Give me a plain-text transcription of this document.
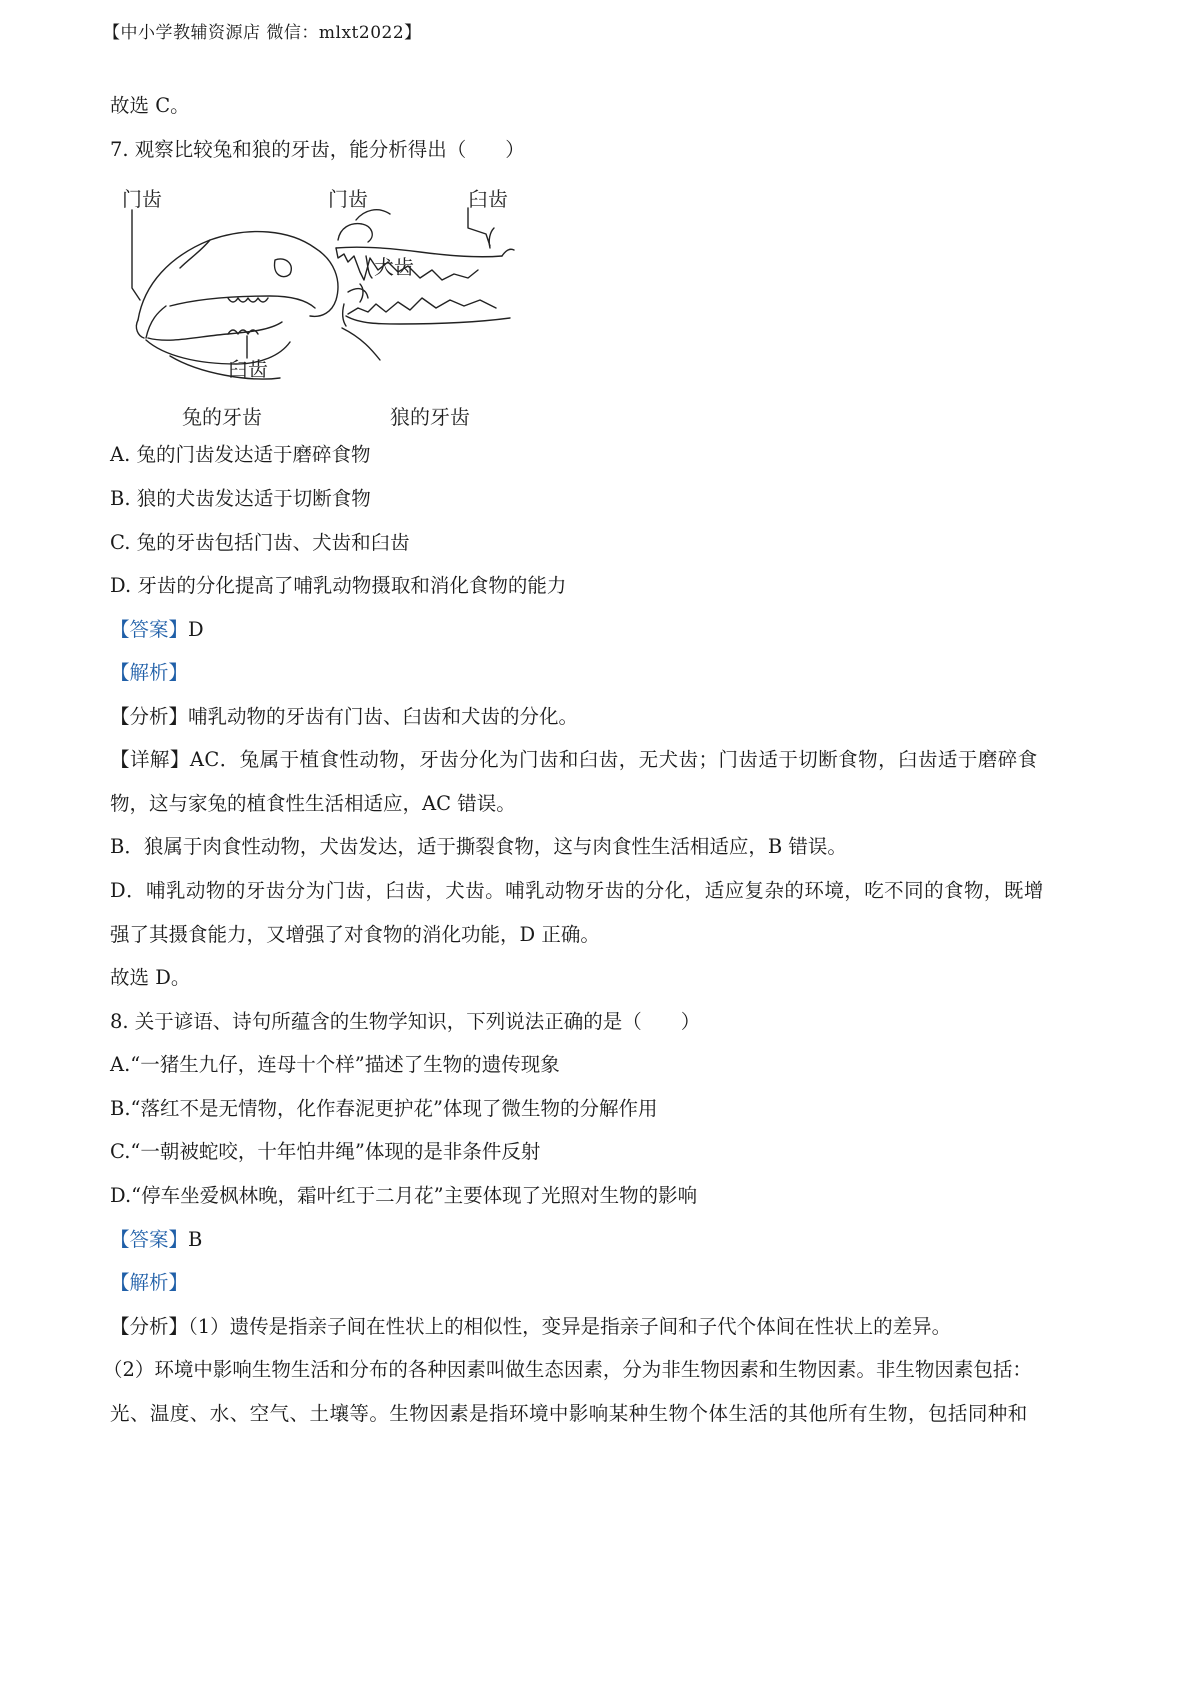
【中小学教辅资源店 微信：mlxt2022】
故选 C。
7. 观察比较兔和狼的牙齿，能分析得出（　　）
门齿
臼齿
门齿	臼齿
犬齿
兔的牙齿	狼的牙齿
A. 兔的门齿发达适于磨碎食物
B. 狼的犬齿发达适于切断食物
C. 兔的牙齿包括门齿、犬齿和臼齿
D. 牙齿的分化提高了哺乳动物摄取和消化食物的能力
【答案】D
【解析】
【分析】哺乳动物的牙齿有门齿、臼齿和犬齿的分化。
【详解】AC．兔属于植食性动物，牙齿分化为门齿和臼齿，无犬齿；门齿适于切断食物，臼齿适于磨碎食
物，这与家兔的植食性生活相适应，AC 错误。
B．狼属于肉食性动物，犬齿发达，适于撕裂食物，这与肉食性生活相适应，B 错误。
D．哺乳动物的牙齿分为门齿，臼齿，犬齿。哺乳动物牙齿的分化，适应复杂的环境，吃不同的食物，既增
强了其摄食能力，又增强了对食物的消化功能，D 正确。
故选 D。
8. 关于谚语、诗句所蕴含的生物学知识，下列说法正确的是（　　）
A.“一猪生九仔，连母十个样”描述了生物的遗传现象
B.“落红不是无情物，化作春泥更护花”体现了微生物的分解作用
C.“一朝被蛇咬，十年怕井绳”体现的是非条件反射
D.“停车坐爱枫林晚，霜叶红于二月花”主要体现了光照对生物的影响
【答案】B
【解析】
【分析】（1）遗传是指亲子间在性状上的相似性，变异是指亲子间和子代个体间在性状上的差异。
（2）环境中影响生物生活和分布的各种因素叫做生态因素，分为非生物因素和生物因素。非生物因素包括：
光、温度、水、空气、土壤等。生物因素是指环境中影响某种生物个体生活的其他所有生物，包括同种和
